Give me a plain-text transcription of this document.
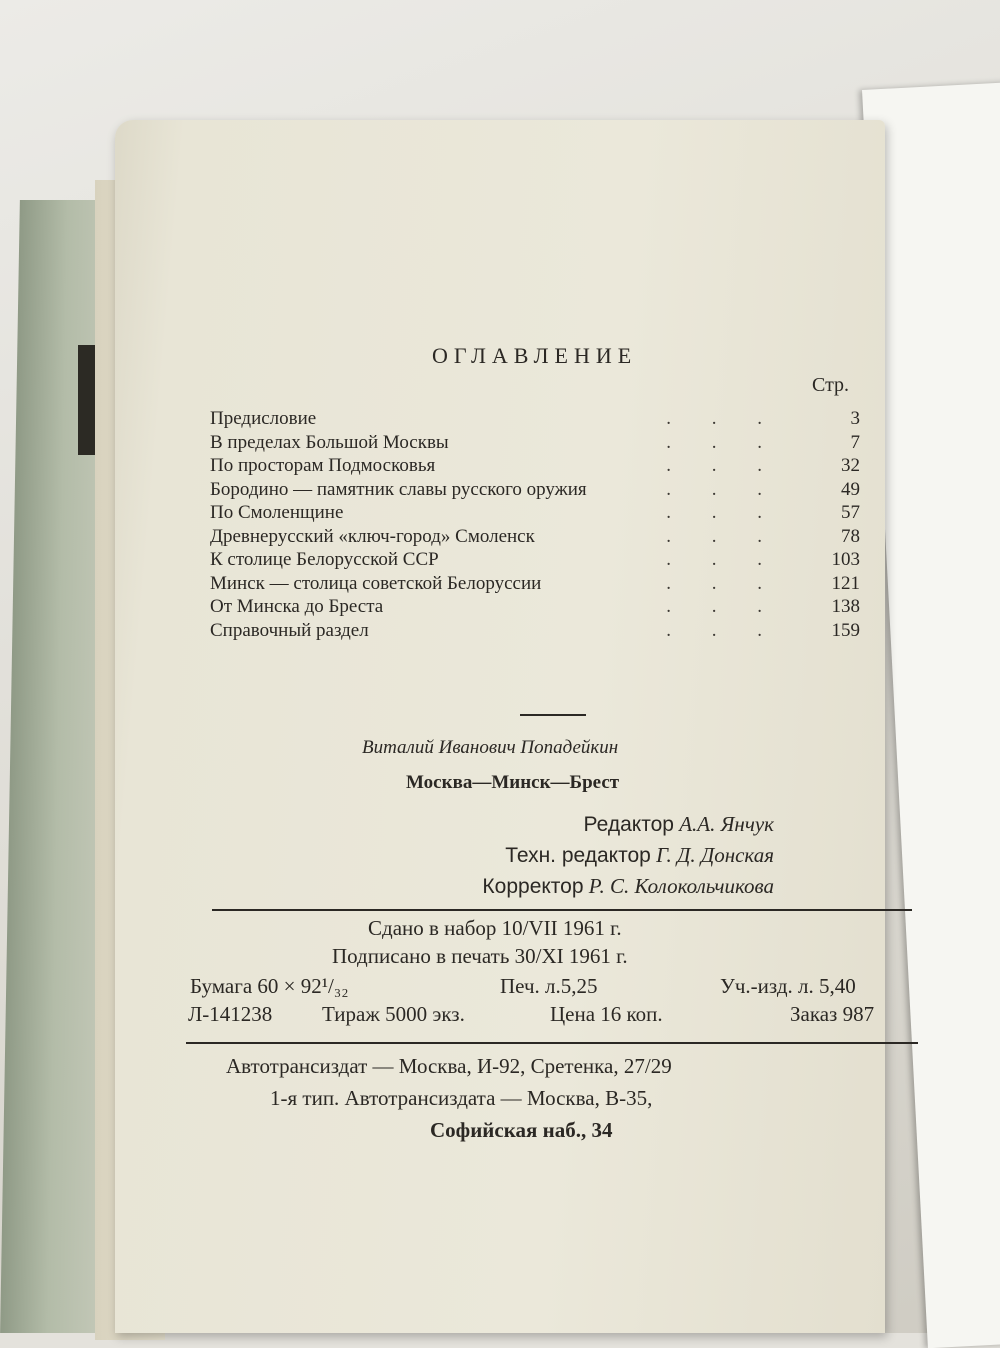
ОГЛАВЛЕНИЕ
Стр.
Предисловие	. . .	3
В пределах Большой Москвы	. . .	7
По просторам Подмосковья	. . .	32
Бородино — памятник славы русского оружия	. . .	49
По Смоленщине	. . .	57
Древнерусский «ключ-город» Смоленск	. . .	78
К столице Белорусской ССР	. . .	103
Минск — столица советской Белоруссии	. . .	121
От Минска до Бреста	. . .	138
Справочный раздел	. . .	159
Виталий Иванович Попадейкин
Москва—Минск—Брест
Редактор А.А. Янчук
Техн. редактор Г. Д. Донская
Корректор Р. С. Колокольчикова
Сдано в набор 10/VII 1961 г.
Подписано в печать 30/XI 1961 г.
Бумага 60 × 92¹/₃₂	Печ. л.5,25	Уч.-изд. л. 5,40
Л-141238 Тираж 5000 экз.	Цена 16 коп.	Заказ 987
Автотрансиздат — Москва, И-92, Сретенка, 27/29
1-я тип. Автотрансиздата — Москва, В-35,
Софийская наб., 34
